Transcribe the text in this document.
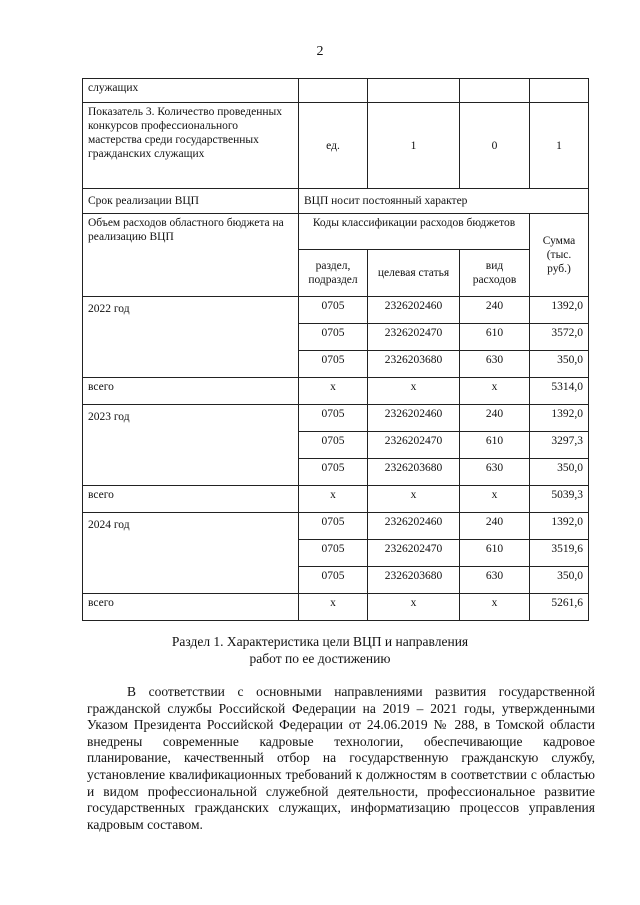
2
служащих				
Показатель 3. Количество проведенных конкурсов профессионального мастерства среди государственных гражданских служащих	ед.	1	0	1
Срок реализации ВЦП	ВЦП носит постоянный характер			
Объем расходов областного бюджета на реализацию ВЦП	Коды классификации расходов бюджетов			Сумма (тыс. руб.)
	раздел, подраздел	целевая статья	вид расходов	
2022 год	0705	2326202460	240	1392,0
	0705	2326202470	610	3572,0
	0705	2326203680	630	350,0
всего	х	х	х	5314,0
2023 год	0705	2326202460	240	1392,0
	0705	2326202470	610	3297,3
	0705	2326203680	630	350,0
всего	х	х	х	5039,3
2024 год	0705	2326202460	240	1392,0
	0705	2326202470	610	3519,6
	0705	2326203680	630	350,0
всего	х	х	х	5261,6
Раздел 1. Характеристика цели ВЦП и направления
работ по ее достижению
В соответствии с основными направлениями развития государственной гражданской службы Российской Федерации на 2019 – 2021 годы, утвержденными Указом Президента Российской Федерации от 24.06.2019 № 288, в Томской области внедрены современные кадровые технологии, обеспечивающие кадровое планирование, качественный отбор на государственную гражданскую службу, установление квалификационных требований к должностям в соответствии с областью и видом профессиональной служебной деятельности, профессиональное развитие государственных гражданских служащих, информатизацию процессов управления кадровым составом.
